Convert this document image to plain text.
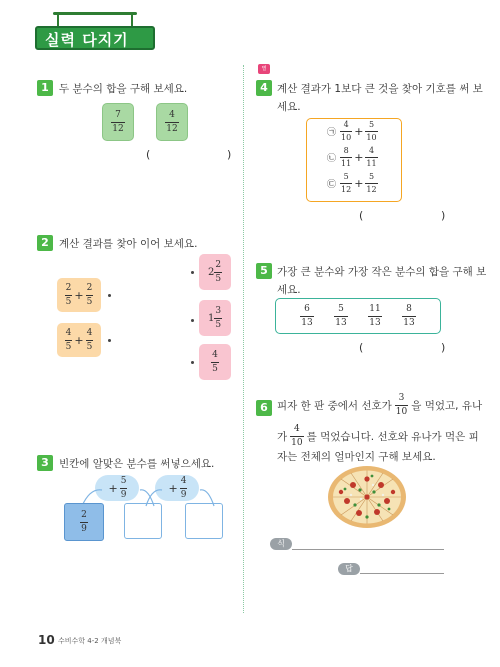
실력 다지기
1 두 분수의 합을 구해 보세요.
$\frac{7}{12}$	$\frac{4}{12}$
(	)
2 계산 결과를 찾아 이어 보세요.
$\frac{2}{5} + \frac{2}{5}$
$\frac{4}{5} + \frac{4}{5}$
$2 \frac{2}{5}$
$1 \frac{3}{5}$
$\frac{4}{5}$
3 빈칸에 알맞은 분수를 써넣으세요.
+ $\frac{5}{9}$	+ $\frac{4}{9}$
$\frac{2}{9}$
별
4 계산 결과가 1보다 큰 것을 찾아 기호를 써 보
세요.
㉠ $\frac{4}{10} + \frac{5}{10}$
㉡ $\frac{8}{11} + \frac{4}{11}$
㉢ $\frac{5}{12} + \frac{5}{12}$
(	)
5 가장 큰 분수와 가장 작은 분수의 합을 구해 보
세요.
$\frac{6}{13} \frac{5}{13} \frac{11}{13} \frac{8}{13}$
(	)
6 피자 한 판 중에서 선호가 $\frac{3}{10}$ 을 먹었고, 유나
가 $\frac{4}{10}$ 를 먹었습니다. 선호와 유나가 먹은 피
자는 전체의 얼마인지 구해 보세요.
식
답
10 수비수학 4-2 개념북
